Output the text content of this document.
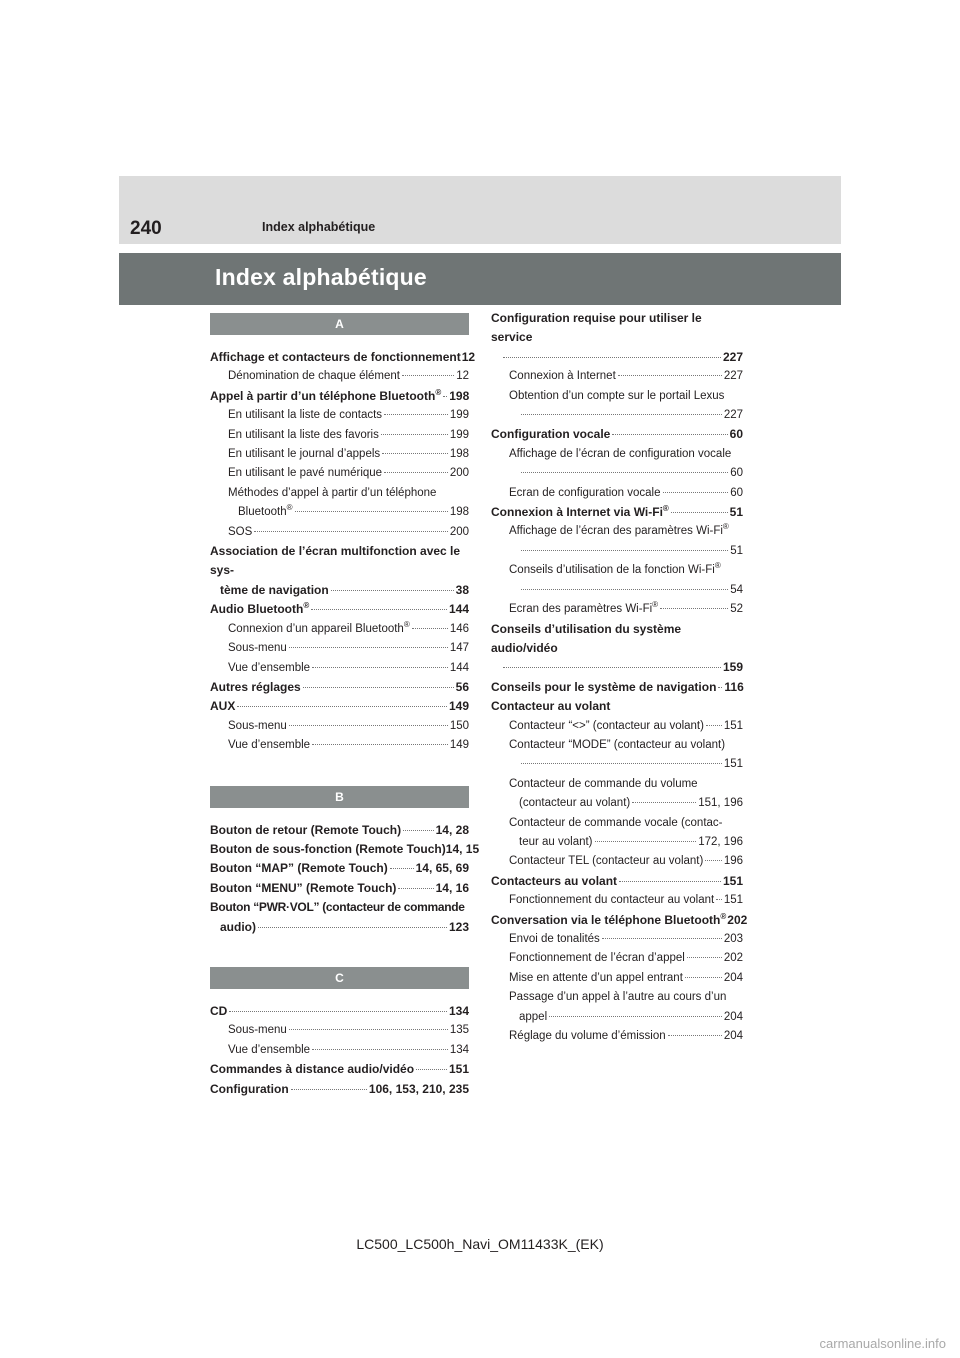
240	Index alphabétique
Index alphabétique
A
Affichage et contacteurs de fonctionnement 12
Dénomination de chaque élément	12
Appel à partir d’un téléphone Bluetooth® 198
En utilisant la liste de contacts	199
En utilisant la liste des favoris	199
En utilisant le journal d’appels	198
En utilisant le pavé numérique	200
Méthodes d’appel à partir d’un téléphone
Bluetooth®	198
SOS	200
Association de l’écran multifonction avec le sys-
tème de navigation	38
Audio Bluetooth®	144
Connexion d’un appareil Bluetooth®	146
Sous-menu	147
Vue d’ensemble	144
Autres réglages	56
AUX	149
Sous-menu	150
Vue d’ensemble	149
B
Bouton de retour (Remote Touch)	14, 28
Bouton de sous-fonction (Remote Touch) 14, 15
Bouton “MAP” (Remote Touch) 14, 65, 69
Bouton “MENU” (Remote Touch)	14, 16
Bouton “PWR·VOL” (contacteur de commande
audio)	123
C
CD	134
Sous-menu	135
Vue d’ensemble	134
Commandes à distance audio/vidéo	151
Configuration	106, 153, 210, 235
Configuration requise pour utiliser le service
227
Connexion à Internet	227
Obtention d’un compte sur le portail Lexus
227
Configuration vocale	60
Affichage de l’écran de configuration vocale
60
Ecran de configuration vocale	60
Connexion à Internet via Wi-Fi®	51
Affichage de l’écran des paramètres Wi-Fi®
51
Conseils d’utilisation de la fonction Wi-Fi®
54
Ecran des paramètres Wi-Fi®	52
Conseils d’utilisation du système audio/vidéo
159
Conseils pour le système de navigation 116
Contacteur au volant
Contacteur “<>” (contacteur au volant) 151
Contacteur “MODE” (contacteur au volant)
151
Contacteur de commande du volume
(contacteur au volant)	151, 196
Contacteur de commande vocale (contac-
teur au volant)	172, 196
Contacteur TEL (contacteur au volant) 196
Contacteurs au volant	151
Fonctionnement du contacteur au volant 151
Conversation via le téléphone Bluetooth® 202
Envoi de tonalités	203
Fonctionnement de l’écran d’appel	202
Mise en attente d’un appel entrant	204
Passage d’un appel à l’autre au cours d’un
appel	204
Réglage du volume d’émission	204
LC500_LC500h_Navi_OM11433K_(EK)
carmanualsonline.info
